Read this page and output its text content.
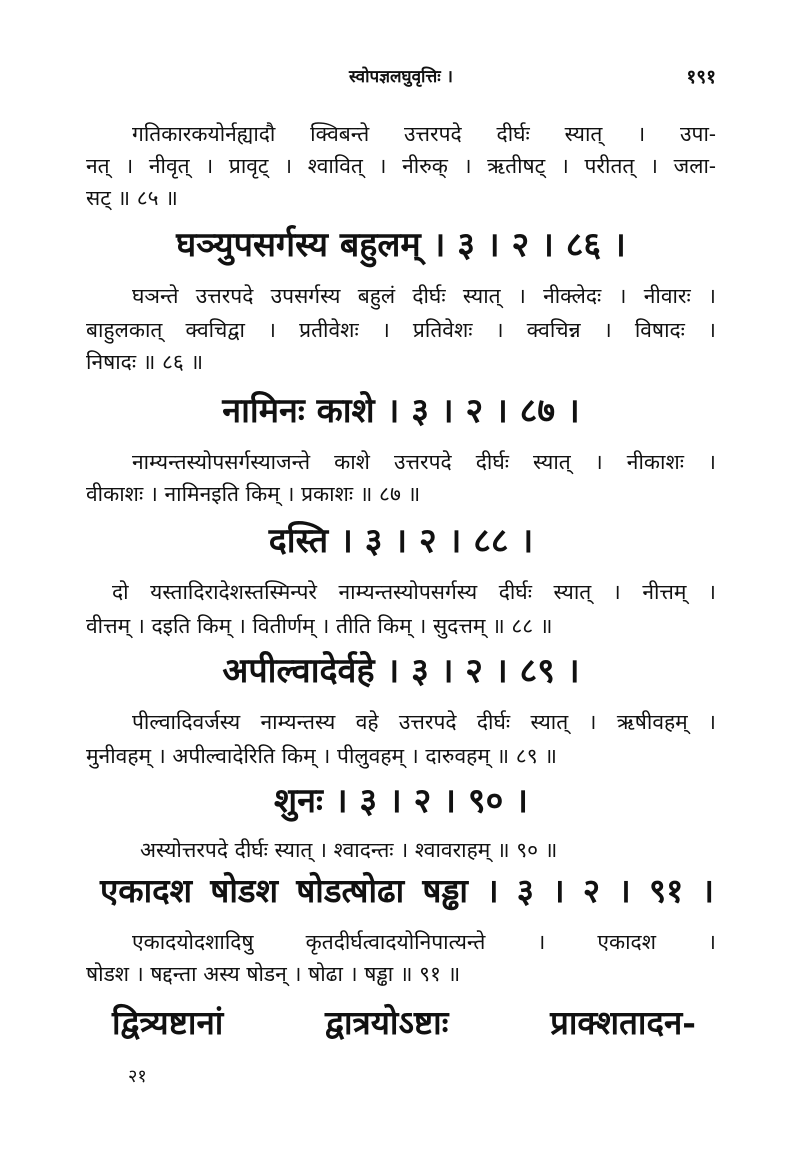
स्वोपज्ञलघुवृत्तिः ।	१९१
गतिकारकयोर्नह्यादौ क्विबन्ते उत्तरपदे दीर्घः स्यात् । उपा-
नत् । नीवृत् । प्रावृट् । श्वावित् । नीरुक् । ऋतीषट् । परीतत् । जला-
सट् ॥ ८५ ॥
घञ्युपसर्गस्य बहुलम् । ३ । २ । ८६ ।
घञन्ते उत्तरपदे उपसर्गस्य बहुलं दीर्घः स्यात् । नीक्लेदः । नीवारः ।
बाहुलकात् क्वचिद्वा । प्रतीवेशः । प्रतिवेशः । क्वचिन्न । विषादः ।
निषादः ॥ ८६ ॥
नामिनः काशे । ३ । २ । ८७ ।
नाम्यन्तस्योपसर्गस्याजन्ते काशे उत्तरपदे दीर्घः स्यात् । नीकाशः ।
वीकाशः । नामिनइति किम् । प्रकाशः ॥ ८७ ॥
दस्ति । ३ । २ । ८८ ।
दो यस्तादिरादेशस्तस्मिन्परे नाम्यन्तस्योपसर्गस्य दीर्घः स्यात् । नीत्तम् ।
वीत्तम् । दइति किम् । वितीर्णम् । तीति किम् । सुदत्तम् ॥ ८८ ॥
अपील्वादेर्वहे । ३ । २ । ८९ ।
पील्वादिवर्जस्य नाम्यन्तस्य वहे उत्तरपदे दीर्घः स्यात् । ऋषीवहम् ।
मुनीवहम् । अपील्वादेरिति किम् । पीलुवहम् । दारुवहम् ॥ ८९ ॥
शुनः । ३ । २ । ९० ।
अस्योत्तरपदे दीर्घः स्यात् । श्वादन्तः । श्वावराहम् ॥ ९० ॥
एकादश षोडश षोडत्षोढा षड्ढा । ३ । २ । ९१ ।
एकादयोदशादिषु कृतदीर्घत्वादयोनिपात्यन्ते । एकादश ।
षोडश । षद्दन्ता अस्य षोडन् । षोढा । षड्ढा ॥ ९१ ॥
द्वित्र्यष्टानां द्वात्रयोऽष्टाः प्राक्शतादन-
२१
